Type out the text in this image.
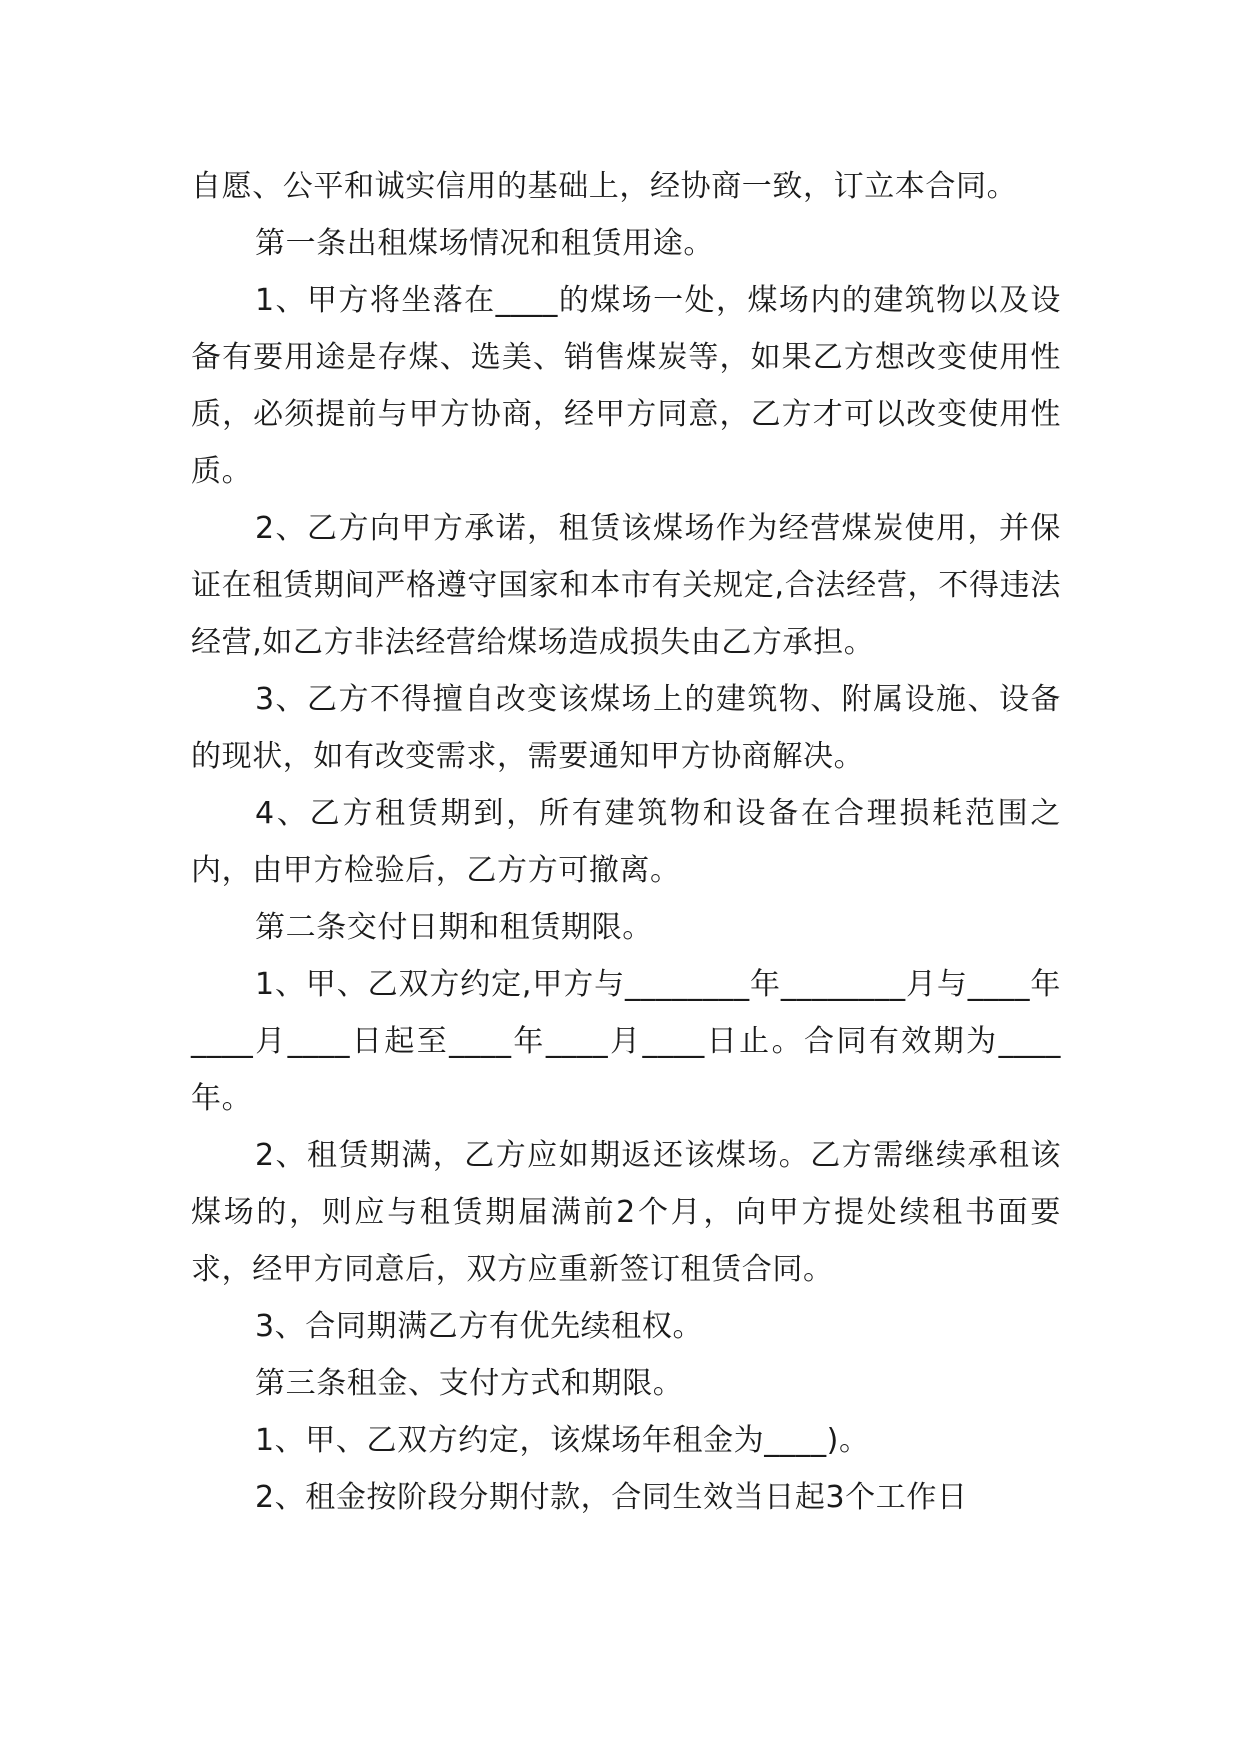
自愿、公平和诚实信用的基础上，经协商一致，订立本合同。

第一条出租煤场情况和租赁用途。

1、甲方将坐落在____的煤场一处，煤场内的建筑物以及设备有要用途是存煤、选美、销售煤炭等，如果乙方想改变使用性质，必须提前与甲方协商，经甲方同意，乙方才可以改变使用性质。

2、乙方向甲方承诺，租赁该煤场作为经营煤炭使用，并保证在租赁期间严格遵守国家和本市有关规定,合法经营，不得违法经营,如乙方非法经营给煤场造成损失由乙方承担。

3、乙方不得擅自改变该煤场上的建筑物、附属设施、设备的现状，如有改变需求，需要通知甲方协商解决。

4、乙方租赁期到，所有建筑物和设备在合理损耗范围之内，由甲方检验后，乙方方可撤离。

第二条交付日期和租赁期限。

1、甲、乙双方约定,甲方与________年________月与____年____月____日起至____年____月____日止。合同有效期为____年。

2、租赁期满，乙方应如期返还该煤场。乙方需继续承租该煤场的，则应与租赁期届满前2个月，向甲方提处续租书面要求，经甲方同意后，双方应重新签订租赁合同。

3、合同期满乙方有优先续租权。

第三条租金、支付方式和期限。

1、甲、乙双方约定，该煤场年租金为____)。

2、租金按阶段分期付款，合同生效当日起3个工作日
